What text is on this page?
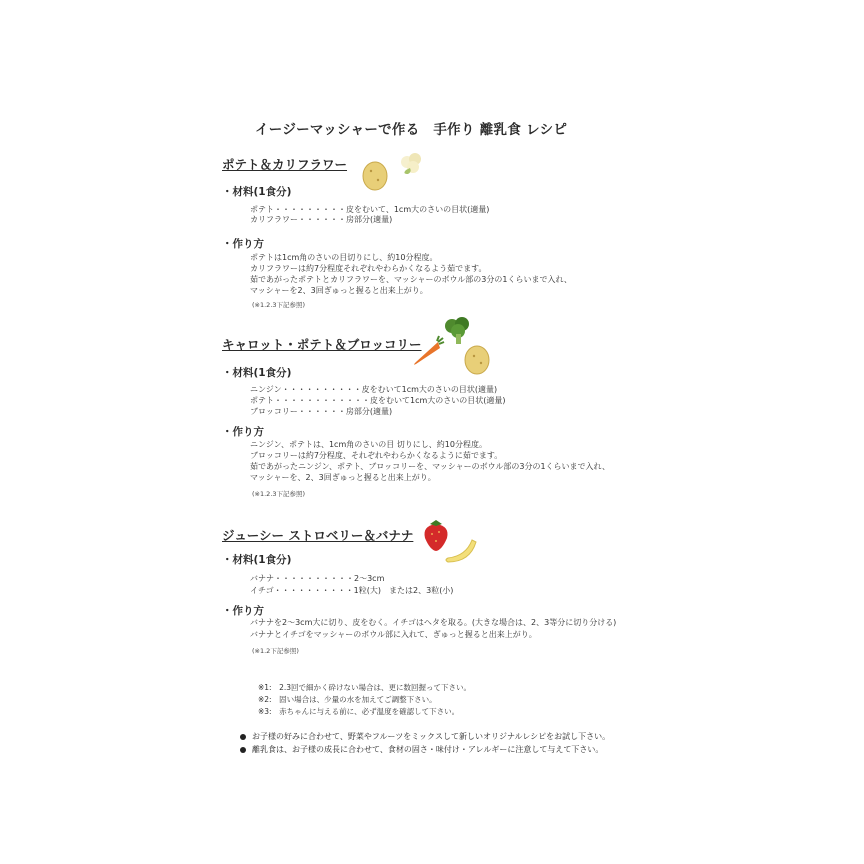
イージーマッシャーで作る　手作り 離乳食 レシピ
ポテト＆カリフラワー
・材料(1食分)
ポテト・・・・・・・・・皮をむいて、1cm大のさいの目状(適量)
カリフラワー・・・・・・房部分(適量)
・作り方
ポテトは1cm角のさいの目切りにし、約10分程度。
カリフラワーは約7分程度それぞれやわらかくなるよう茹でます。
茹であがったポテトとカリフラワーを、マッシャーのボウル部の3分の1くらいまで入れ、
マッシャーを2、3回ぎゅっと握ると出来上がり。
(※1.2.3下記参照)
キャロット・ポテト＆ブロッコリー
・材料(1食分)
ニンジン・・・・・・・・・・皮をむいて1cm大のさいの目状(適量)
ポテト・・・・・・・・・・・・皮をむいて1cm大のさいの目状(適量)
ブロッコリー・・・・・・房部分(適量)
・作り方
ニンジン、ポテトは、1cm角のさいの目 切りにし、約10分程度。
ブロッコリーは約7分程度、それぞれやわらかくなるように茹でます。
茹であがったニンジン、ポテト、ブロッコリーを、マッシャーのボウル部の3分の1くらいまで入れ、
マッシャーを、2、3回ぎゅっと握ると出来上がり。
(※1.2.3下記参照)
ジューシー ストロベリー＆バナナ
・材料(1食分)
バナナ・・・・・・・・・・2～3cm
イチゴ・・・・・・・・・・1粒(大)　または2、3粒(小)
・作り方
バナナを2～3cm大に切り、皮をむく。イチゴはヘタを取る。(大きな場合は、2、3等分に切り分ける)
バナナとイチゴをマッシャーのボウル部に入れて、ぎゅっと握ると出来上がり。
(※1.2下記参照)
※1:　2.3回で細かく砕けない場合は、更に数回握って下さい。
※2:　固い場合は、少量の水を加えてご調整下さい。
※3:　赤ちゃんに与える前に、必ず温度を確認して下さい。
お子様の好みに合わせて、野菜やフルーツをミックスして新しいオリジナルレシピをお試し下さい。
離乳食は、お子様の成長に合わせて、食材の固さ・味付け・アレルギーに注意して与えて下さい。
